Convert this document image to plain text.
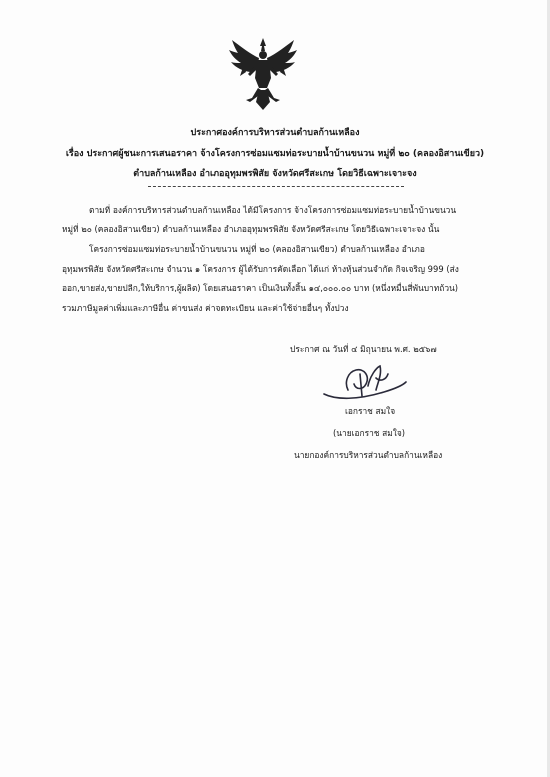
ประกาศองค์การบริหารส่วนตำบลก้านเหลือง
เรื่อง ประกาศผู้ชนะการเสนอราคา จ้างโครงการซ่อมแซมท่อระบายน้ำบ้านขนวน หมู่ที่ ๒๐ (คลองอิสานเขียว)
ตำบลก้านเหลือง อำเภออุทุมพรพิสัย จังหวัดศรีสะเกษ โดยวิธีเฉพาะเจาะจง
ตามที่ องค์การบริหารส่วนตำบลก้านเหลือง ได้มีโครงการ จ้างโครงการซ่อมแซมท่อระบายน้ำบ้านขนวน
หมู่ที่ ๒๐ (คลองอิสานเขียว) ตำบลก้านเหลือง อำเภออุทุมพรพิสัย จังหวัดศรีสะเกษ โดยวิธีเฉพาะเจาะจง นั้น
โครงการซ่อมแซมท่อระบายน้ำบ้านขนวน หมู่ที่ ๒๐ (คลองอิสานเขียว) ตำบลก้านเหลือง อำเภอ
อุทุมพรพิสัย จังหวัดศรีสะเกษ จำนวน ๑ โครงการ ผู้ได้รับการคัดเลือก ได้แก่ ห้างหุ้นส่วนจำกัด กิจเจริญ 999 (ส่ง
ออก,ขายส่ง,ขายปลีก,ให้บริการ,ผู้ผลิต) โดยเสนอราคา เป็นเงินทั้งสิ้น ๑๔,๐๐๐.๐๐ บาท (หนึ่งหมื่นสี่พันบาทถ้วน)
รวมภาษีมูลค่าเพิ่มและภาษีอื่น ค่าขนส่ง ค่าจดทะเบียน และค่าใช้จ่ายอื่นๆ ทั้งปวง
ประกาศ ณ วันที่ ๔ มิถุนายน พ.ศ. ๒๕๖๗
เอกราช สมใจ
(นายเอกราช สมใจ)
นายกองค์การบริหารส่วนตำบลก้านเหลือง
